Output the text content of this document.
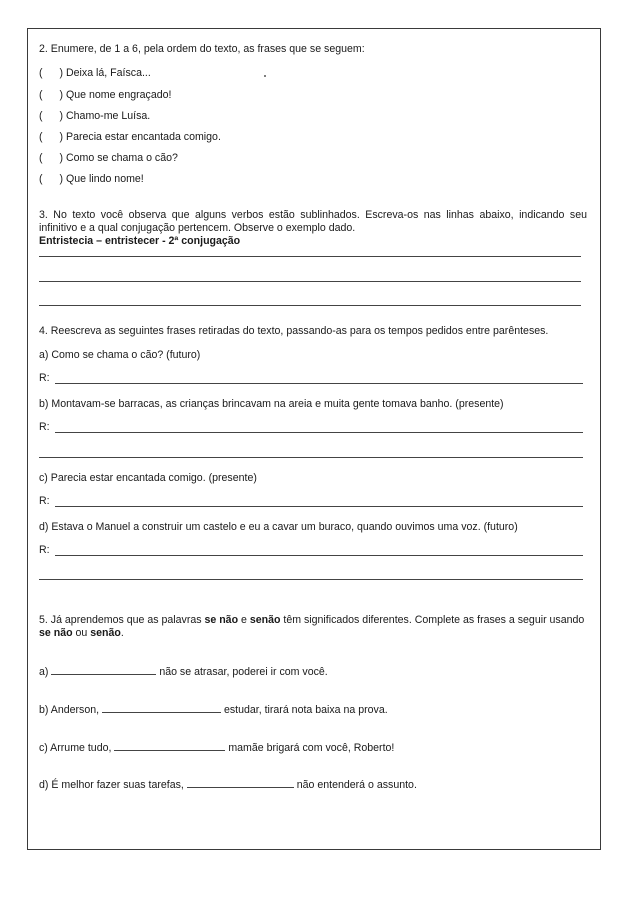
2. Enumere, de 1 a 6, pela ordem do texto, as frases que se seguem:
( ) Deixa lá, Faísca...
( ) Que nome engraçado!
( ) Chamo-me Luísa.
( ) Parecia estar encantada comigo.
( ) Como se chama o cão?
( ) Que lindo nome!
3. No texto você observa que alguns verbos estão sublinhados. Escreva-os nas linhas abaixo, indicando seu infinitivo e a qual conjugação pertencem. Observe o exemplo dado.
Entristecia – entristecer - 2ª conjugação
4. Reescreva as seguintes frases retiradas do texto, passando-as para os tempos pedidos entre parênteses.
a) Como se chama o cão? (futuro)
R:
b) Montavam-se barracas, as crianças brincavam na areia e muita gente tomava banho. (presente)
R:
c) Parecia estar encantada comigo. (presente)
R:
d) Estava o Manuel a construir um castelo e eu a cavar um buraco, quando ouvimos uma voz. (futuro)
R:
5. Já aprendemos que as palavras se não e senão têm significados diferentes. Complete as frases a seguir usando se não ou senão.
a)	não se atrasar, poderei ir com você.
b) Anderson,	estudar, tirará nota baixa na prova.
c) Arrume tudo,	mamãe brigará com você, Roberto!
d) É melhor fazer suas tarefas,	não entenderá o assunto.
